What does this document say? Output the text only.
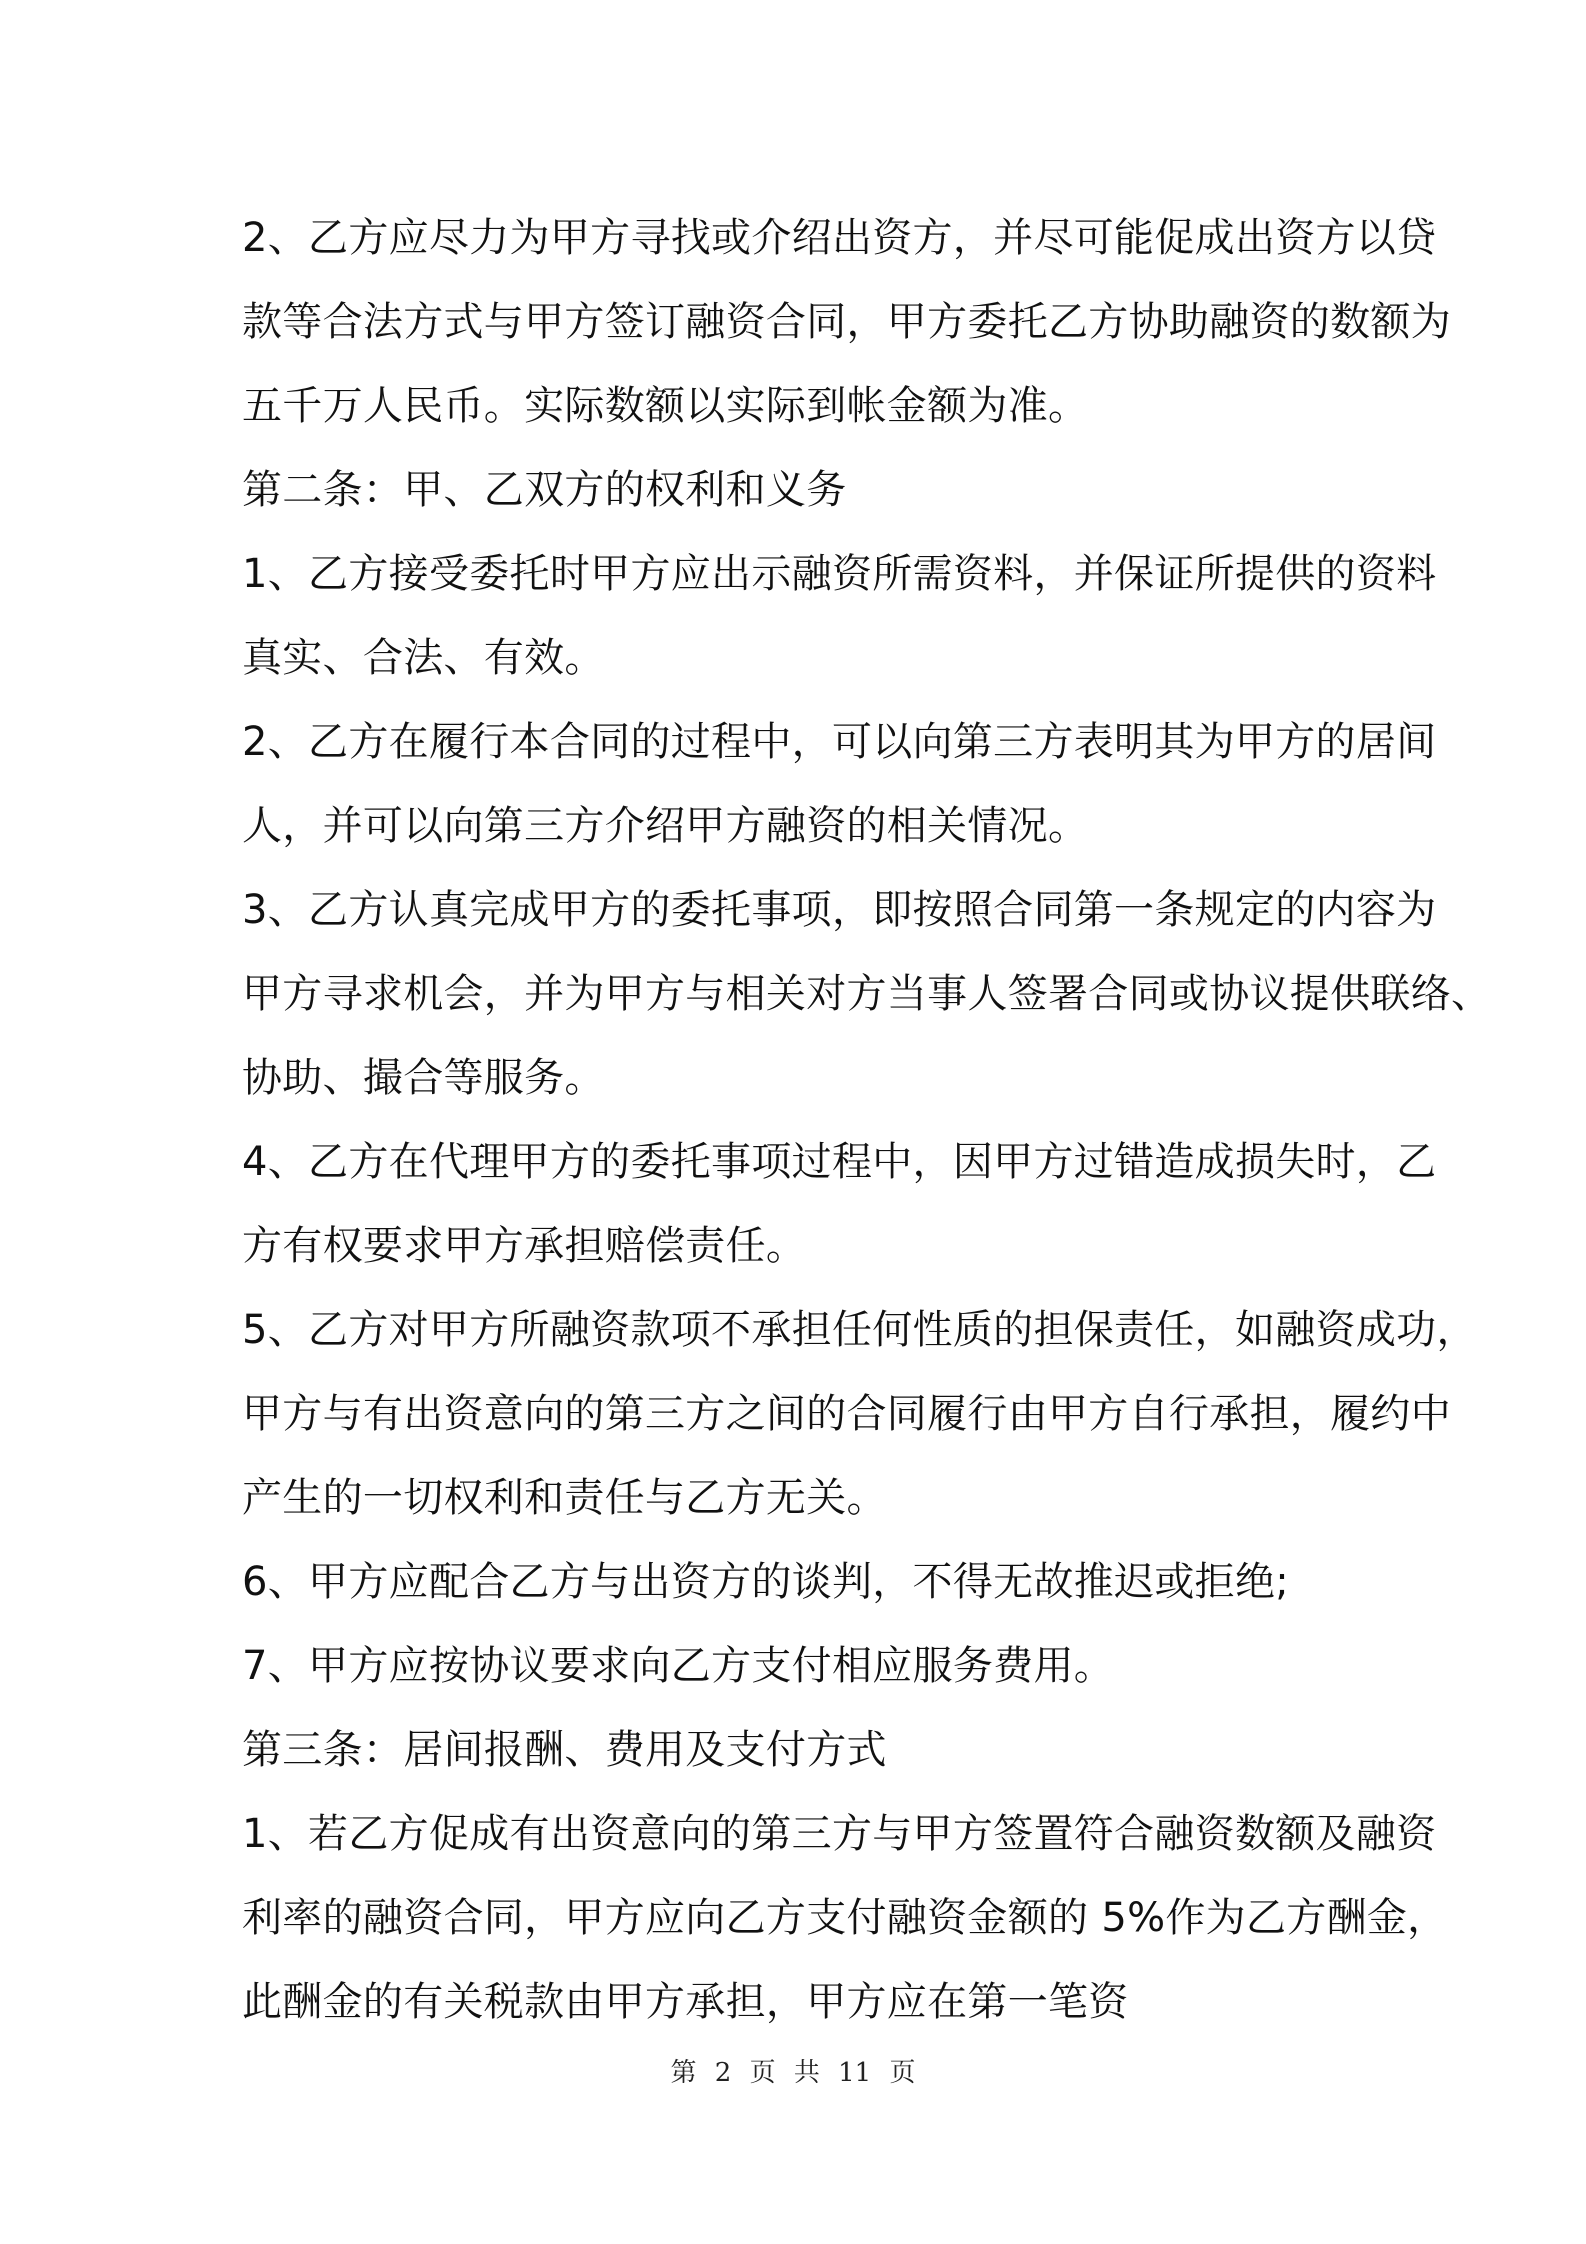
2、乙方应尽力为甲方寻找或介绍出资方，并尽可能促成出资方以贷
款等合法方式与甲方签订融资合同，甲方委托乙方协助融资的数额为
五千万人民币。实际数额以实际到帐金额为准。
第二条：甲、乙双方的权利和义务
1、乙方接受委托时甲方应出示融资所需资料，并保证所提供的资料
真实、合法、有效。
2、乙方在履行本合同的过程中，可以向第三方表明其为甲方的居间
人，并可以向第三方介绍甲方融资的相关情况。
3、乙方认真完成甲方的委托事项，即按照合同第一条规定的内容为
甲方寻求机会，并为甲方与相关对方当事人签署合同或协议提供联络、
协助、撮合等服务。
4、乙方在代理甲方的委托事项过程中，因甲方过错造成损失时，乙
方有权要求甲方承担赔偿责任。
5、乙方对甲方所融资款项不承担任何性质的担保责任，如融资成功，
甲方与有出资意向的第三方之间的合同履行由甲方自行承担，履约中
产生的一切权利和责任与乙方无关。
6、甲方应配合乙方与出资方的谈判，不得无故推迟或拒绝;
7、甲方应按协议要求向乙方支付相应服务费用。
第三条：居间报酬、费用及支付方式
1、若乙方促成有出资意向的第三方与甲方签置符合融资数额及融资
利率的融资合同，甲方应向乙方支付融资金额的 5%作为乙方酬金，
此酬金的有关税款由甲方承担，甲方应在第一笔资
第 2 页 共 11 页
